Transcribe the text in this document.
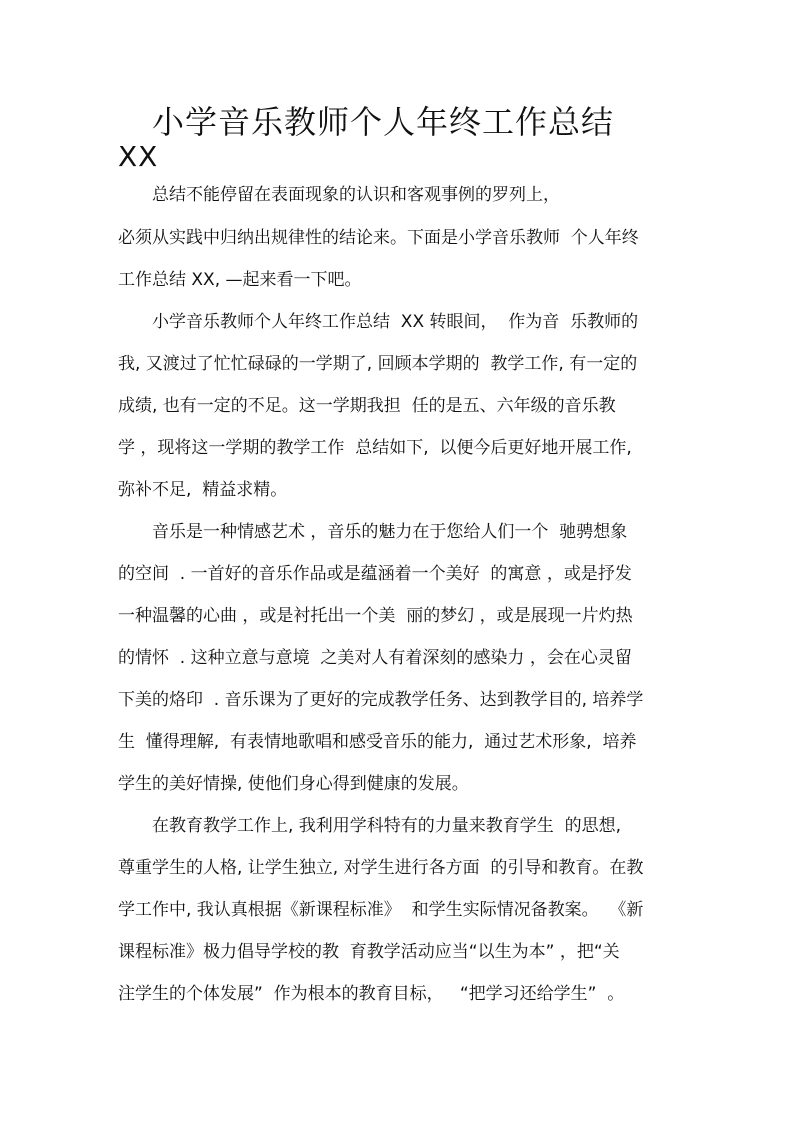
小学音乐教师个人年终工作总结
XX
　　总结不能停留在表面现象的认识和客观事例的罗列上，
必须从实践中归纳出规律性的结论来。下面是小学音乐教师  个人年终
工作总结 XX, —起来看一下吧。
　　小学音乐教师个人年终工作总结  XX 转眼间，  作为音  乐教师的
我, 又渡过了忙忙碌碌的一学期了, 回顾本学期的  教学工作, 有一定的
成绩, 也有一定的不足。这一学期我担  任的是五、六年级的音乐教
学 ，现将这一学期的教学工作  总结如下,  以便今后更好地开展工作,
弥补不足,  精益求精。
　　音乐是一种情感艺术 ，音乐的魅力在于您给人们一个  驰骋想象
的空间  . 一首好的音乐作品或是蕴涵着一个美好  的寓意 ，或是抒发
一种温馨的心曲 ，或是衬托出一个美  丽的梦幻 ，或是展现一片灼热
的情怀  . 这种立意与意境  之美对人有着深刻的感染力 ，会在心灵留
下美的烙印  . 音乐课为了更好的完成教学任务、达到教学目的, 培养学
生  懂得理解,  有表情地歌唱和感受音乐的能力,  通过艺术形象,  培养
学生的美好情操, 使他们身心得到健康的发展。
　　在教育教学工作上, 我利用学科特有的力量来教育学生  的思想,
尊重学生的人格, 让学生独立, 对学生进行各方面  的引导和教育。在教
学工作中, 我认真根据《新课程标准》  和学生实际情况备教案。  《新
课程标准》极力倡导学校的教  育教学活动应当“以生为本” ，把“关
注学生的个体发展”  作为根本的教育目标，   “把学习还给学生”  。
